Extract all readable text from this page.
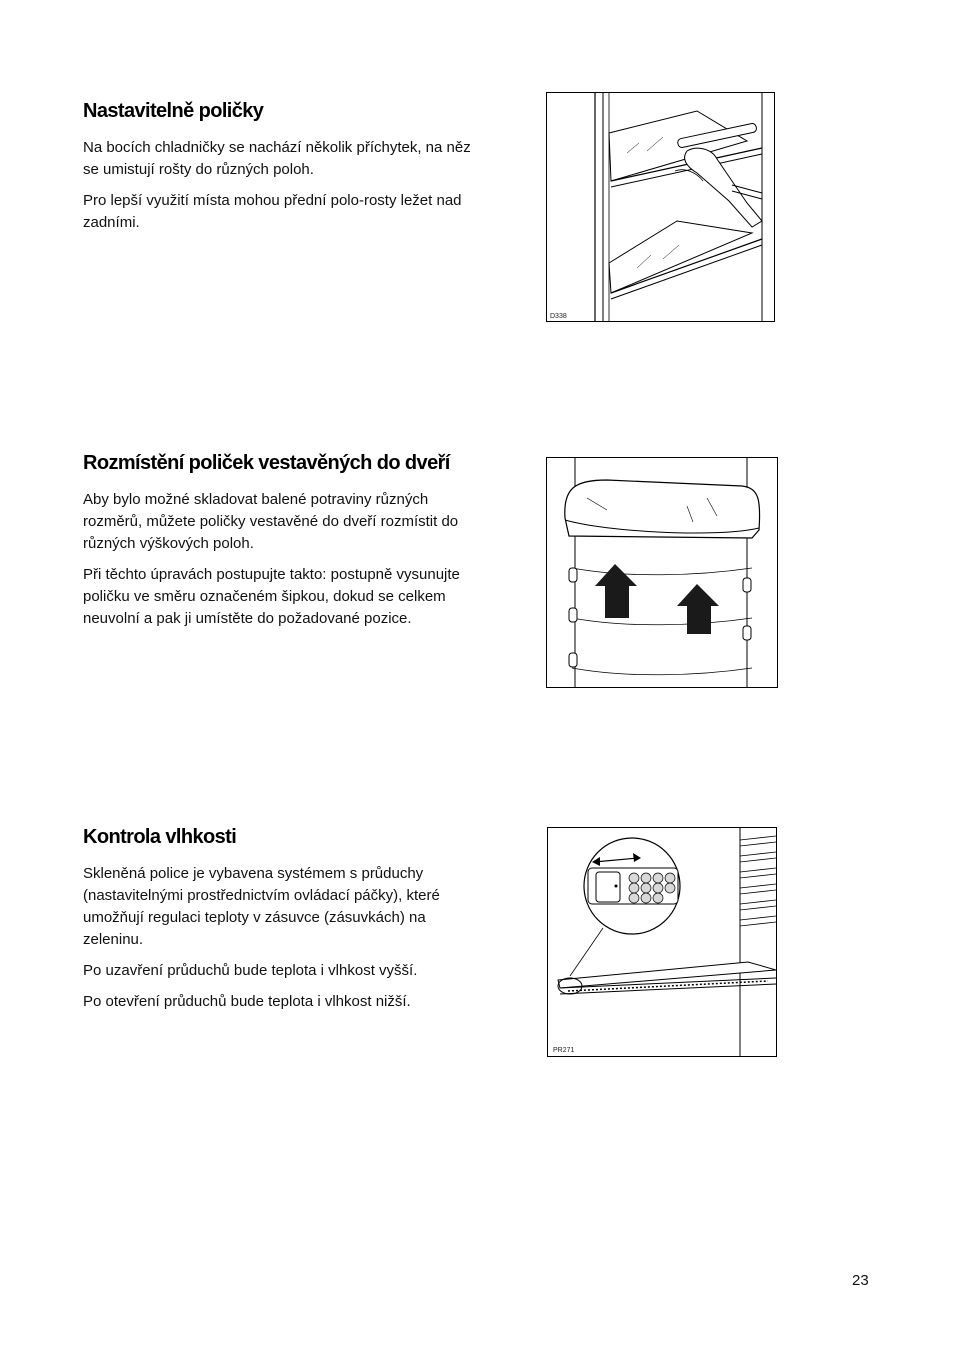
Nastavitelně poličky

Na bocích chladničky se nachází několik příchytek, na něz se umistují rošty do různých poloh.

Pro lepší využití místa mohou přední polo-rosty ležet nad zadními.

D338
Rozmístění poliček vestavěných do dveří

Aby bylo možné skladovat balené potraviny různých rozměrů, můžete poličky vestavěné do dveří rozmístit do různých výškových poloh.

Při těchto úpravách postupujte takto: postupně vysunujte poličku ve směru označeném šipkou, dokud se celkem neuvolní a pak ji umístěte do požadované pozice.

Kontrola vlhkosti

Skleněná police je vybavena systémem s průduchy (nastavitelnými prostřednictvím ovládací páčky), které umožňují regulaci teploty v zásuvce (zásuvkách) na zeleninu.

Po uzavření průduchů bude teplota i vlhkost vyšší.

Po otevření průduchů bude teplota i vlhkost nižší.

PR271
23
